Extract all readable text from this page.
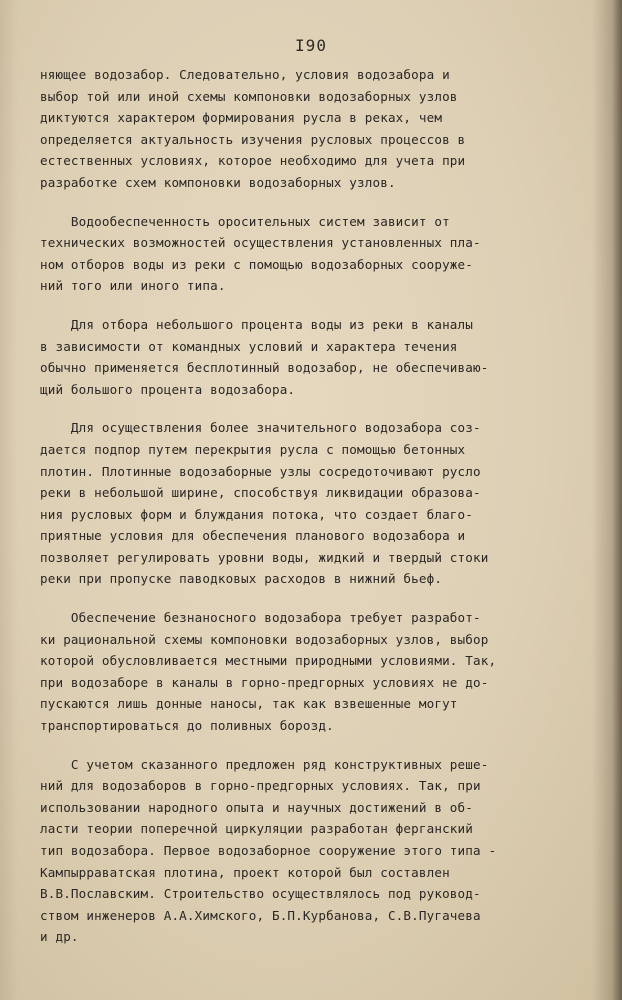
I90
няющее водозабор. Следовательно, условия водозабора и
выбор той или иной схемы компоновки водозаборных узлов
диктуются характером формирования русла в реках, чем
определяется актуальность изучения русловых процессов в
естественных условиях, которое необходимо для учета при
разработке схем компоновки водозаборных узлов.
Водообеспеченность оросительных систем зависит от
технических возможностей осуществления установленных пла-
ном отборов воды из реки с помощью водозаборных сооруже-
ний того или иного типа.
Для отбора небольшого процента воды из реки в каналы
в зависимости от командных условий и характера течения
обычно применяется бесплотинный водозабор, не обеспечиваю-
щий большого процента водозабора.
Для осуществления более значительного водозабора соз-
дается подпор путем перекрытия русла с помощью бетонных
плотин. Плотинные водозаборные узлы сосредоточивают русло
реки в небольшой ширине, способствуя ликвидации образова-
ния русловых форм и блуждания потока, что создает благо-
приятные условия для обеспечения планового водозабора и
позволяет регулировать уровни воды, жидкий и твердый стоки
реки при пропуске паводковых расходов в нижний бьеф.
Обеспечение безнаносного водозабора требует разработ-
ки рациональной схемы компоновки водозаборных узлов, выбор
которой обусловливается местными природными условиями. Так,
при водозаборе в каналы в горно-предгорных условиях не до-
пускаются лишь донные наносы, так как взвешенные могут
транспортироваться до поливных борозд.
С учетом сказанного предложен ряд конструктивных реше-
ний для водозаборов в горно-предгорных условиях. Так, при
использовании народного опыта и научных достижений в об-
ласти теории поперечной циркуляции разработан ферганский
тип водозабора. Первое водозаборное сооружение этого типа -
Кампырраватская плотина, проект которой был составлен
В.В.Пославским. Строительство осуществлялось под руковод-
ством инженеров А.А.Химского, Б.П.Курбанова, С.В.Пугачева
и др.
